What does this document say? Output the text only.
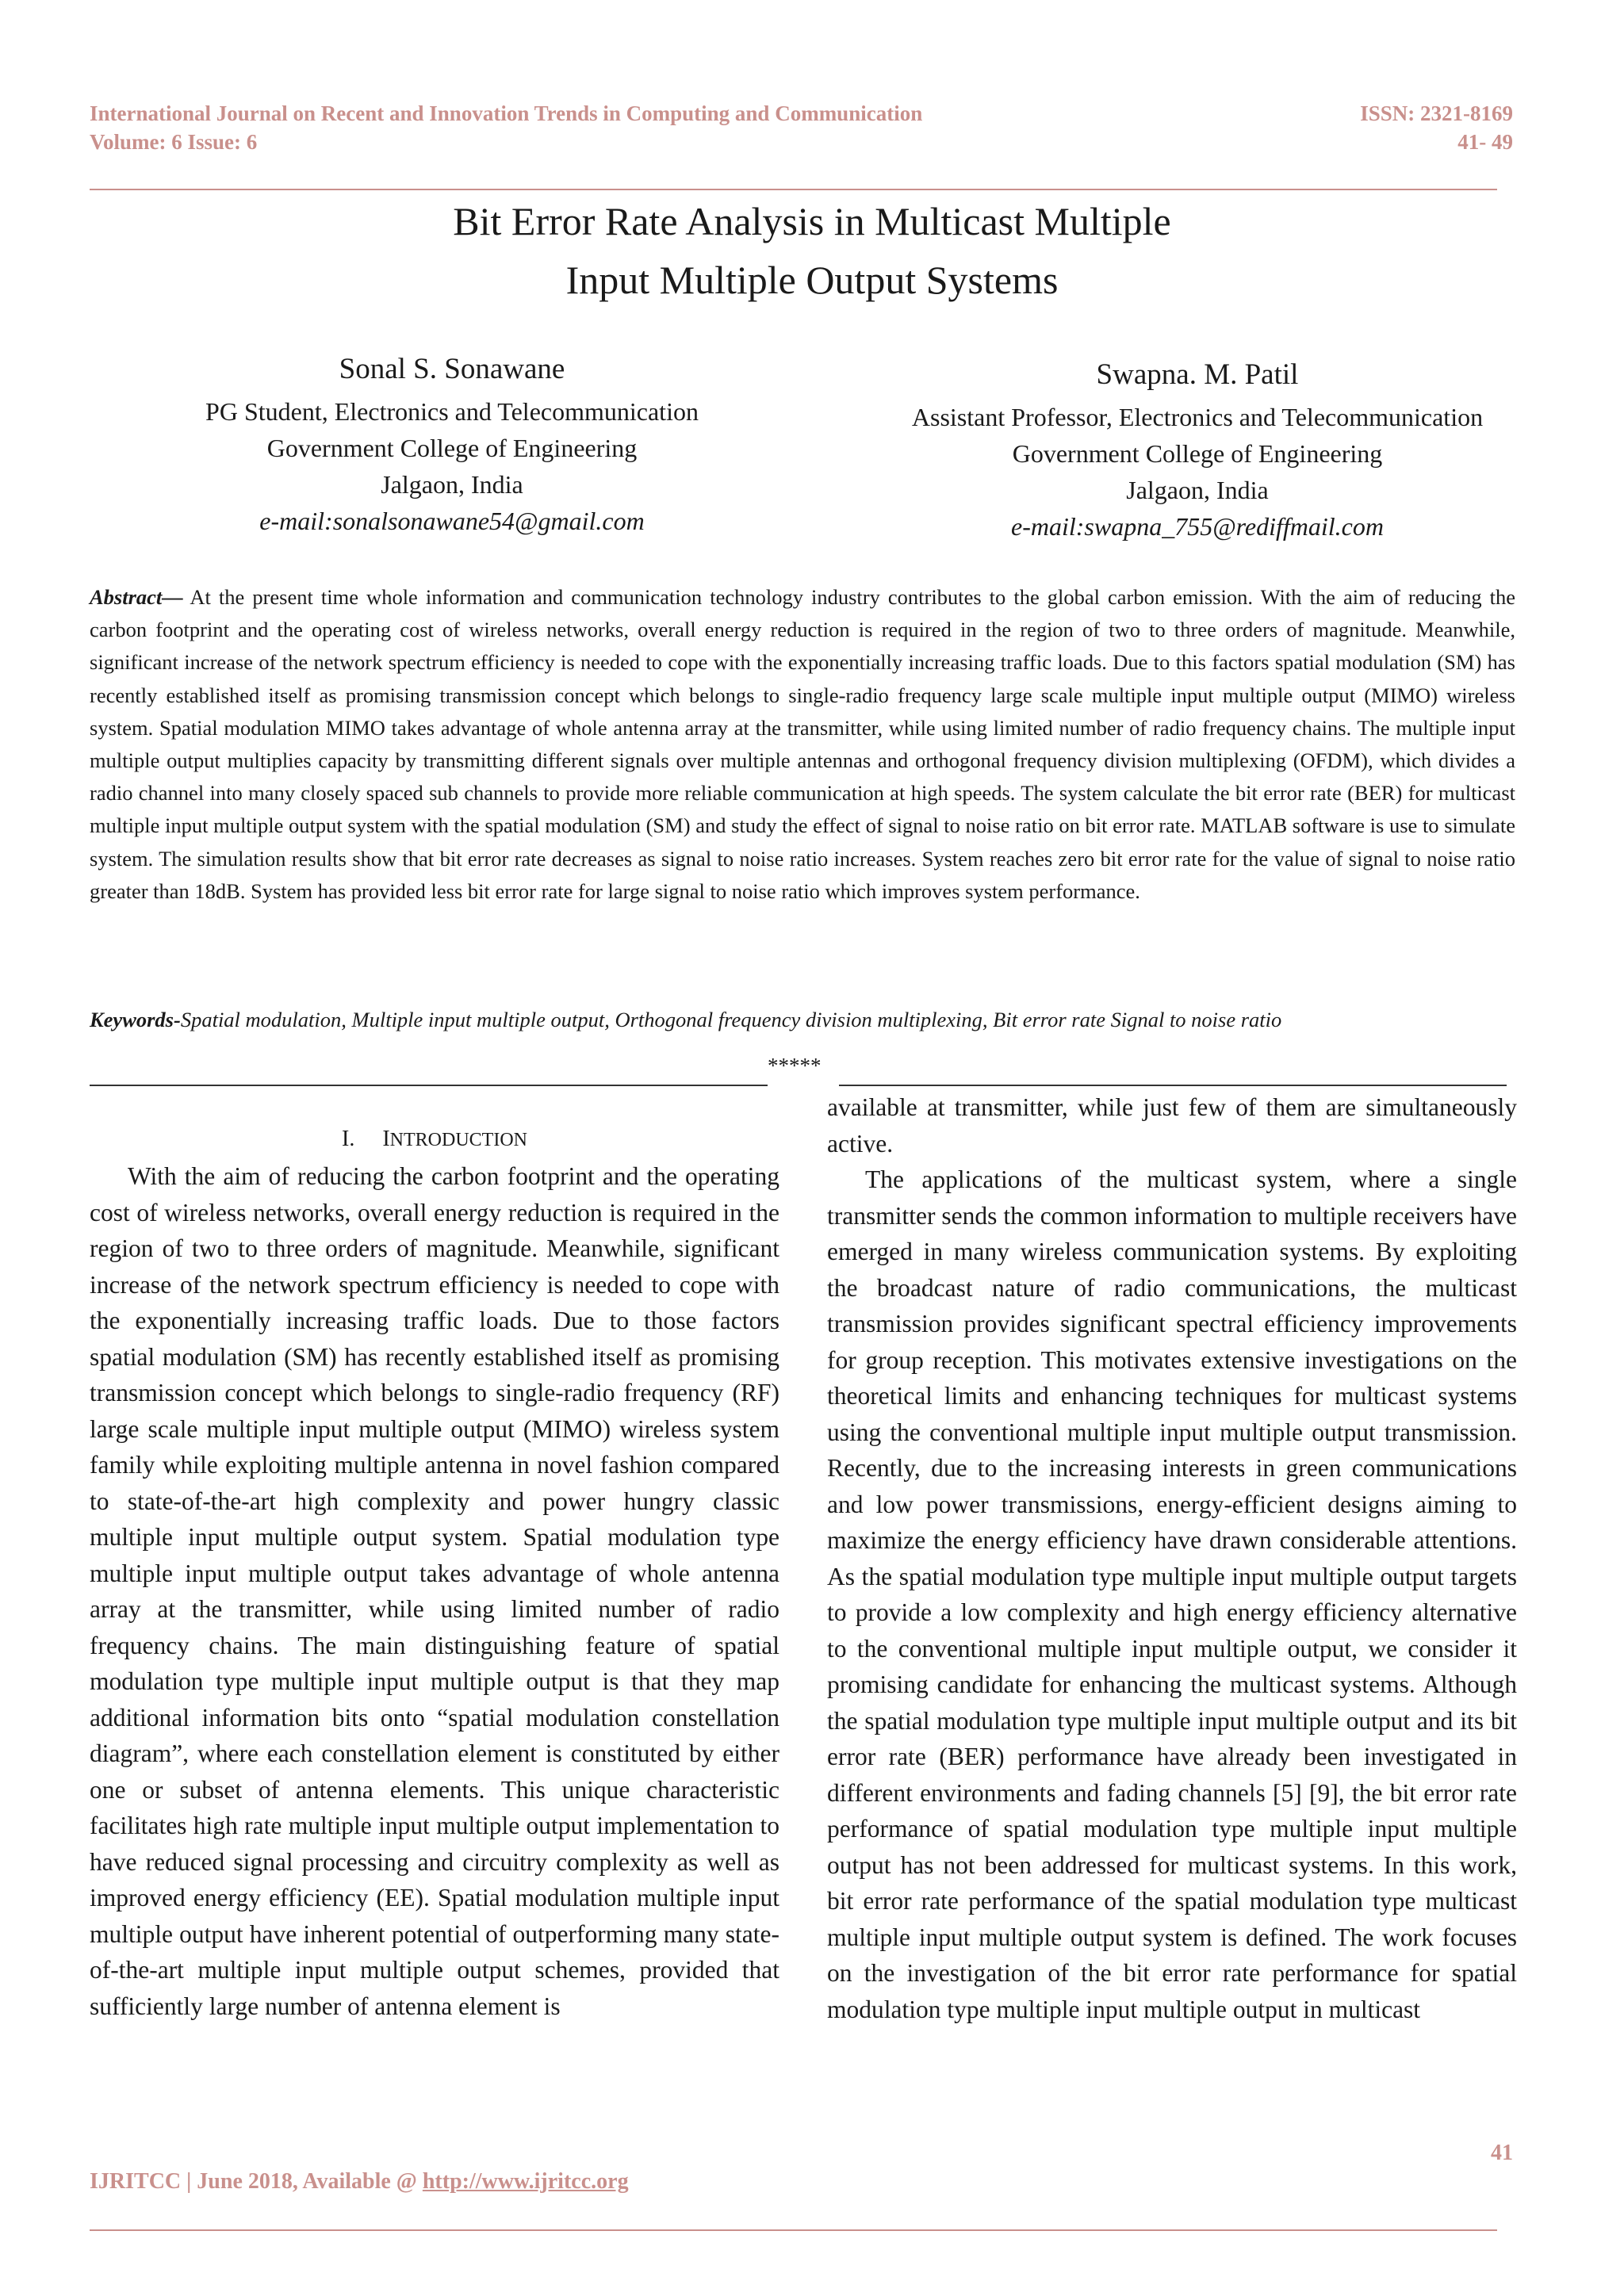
International Journal on Recent and Innovation Trends in Computing and Communication
Volume: 6 Issue: 6
ISSN: 2321-8169
41- 49
Bit Error Rate Analysis in Multicast Multiple
Input Multiple Output Systems
Sonal S. Sonawane
PG Student, Electronics and Telecommunication
Government College of Engineering
Jalgaon, India
e-mail:sonalsonawane54@gmail.com
Swapna. M. Patil
Assistant Professor, Electronics and Telecommunication
Government College of Engineering
Jalgaon, India
e-mail:swapna_755@rediffmail.com
Abstract— At the present time whole information and communication technology industry contributes to the global carbon emission. With the aim of reducing the carbon footprint and the operating cost of wireless networks, overall energy reduction is required in the region of two to three orders of magnitude. Meanwhile, significant increase of the network spectrum efficiency is needed to cope with the exponentially increasing traffic loads. Due to this factors spatial modulation (SM) has recently established itself as promising transmission concept which belongs to single-radio frequency large scale multiple input multiple output (MIMO) wireless system. Spatial modulation MIMO takes advantage of whole antenna array at the transmitter, while using limited number of radio frequency chains. The multiple input multiple output multiplies capacity by transmitting different signals over multiple antennas and orthogonal frequency division multiplexing (OFDM), which divides a radio channel into many closely spaced sub channels to provide more reliable communication at high speeds. The system calculate the bit error rate (BER) for multicast multiple input multiple output system with the spatial modulation (SM) and study the effect of signal to noise ratio on bit error rate. MATLAB software is use to simulate system. The simulation results show that bit error rate decreases as signal to noise ratio increases. System reaches zero bit error rate for the value of signal to noise ratio greater than 18dB. System has provided less bit error rate for large signal to noise ratio which improves system performance.
Keywords-Spatial modulation, Multiple input multiple output, Orthogonal frequency division multiplexing, Bit error rate Signal to noise ratio
*****

I. INTRODUCTION

With the aim of reducing the carbon footprint and the operating cost of wireless networks, overall energy reduction is required in the region of two to three orders of magnitude. Meanwhile, significant increase of the network spectrum efficiency is needed to cope with the exponentially increasing traffic loads. Due to those factors spatial modulation (SM) has recently established itself as promising transmission concept which belongs to single-radio frequency (RF) large scale multiple input multiple output (MIMO) wireless system family while exploiting multiple antenna in novel fashion compared to state-of-the-art high complexity and power hungry classic multiple input multiple output system. Spatial modulation type multiple input multiple output takes advantage of whole antenna array at the transmitter, while using limited number of radio frequency chains. The main distinguishing feature of spatial modulation type multiple input multiple output is that they map additional information bits onto “spatial modulation constellation diagram”, where each constellation element is constituted by either one or subset of antenna elements. This unique characteristic facilitates high rate multiple input multiple output implementation to have reduced signal processing and circuitry complexity as well as improved energy efficiency (EE). Spatial modulation multiple input multiple output have inherent potential of outperforming many state-of-the-art multiple input multiple output schemes, provided that sufficiently large number of antenna element is

available at transmitter, while just few of them are simultaneously active.

The applications of the multicast system, where a single transmitter sends the common information to multiple receivers have emerged in many wireless communication systems. By exploiting the broadcast nature of radio communications, the multicast transmission provides significant spectral efficiency improvements for group reception. This motivates extensive investigations on the theoretical limits and enhancing techniques for multicast systems using the conventional multiple input multiple output transmission. Recently, due to the increasing interests in green communications and low power transmissions, energy-efficient designs aiming to maximize the energy efficiency have drawn considerable attentions. As the spatial modulation type multiple input multiple output targets to provide a low complexity and high energy efficiency alternative to the conventional multiple input multiple output, we consider it promising candidate for enhancing the multicast systems. Although the spatial modulation type multiple input multiple output and its bit error rate (BER) performance have already been investigated in different environments and fading channels [5] [9], the bit error rate performance of spatial modulation type multiple input multiple output has not been addressed for multicast systems. In this work, bit error rate performance of the spatial modulation type multicast multiple input multiple output system is defined. The work focuses on the investigation of the bit error rate performance for spatial modulation type multiple input multiple output in multicast

41
IJRITCC | June 2018, Available @ http://www.ijritcc.org
